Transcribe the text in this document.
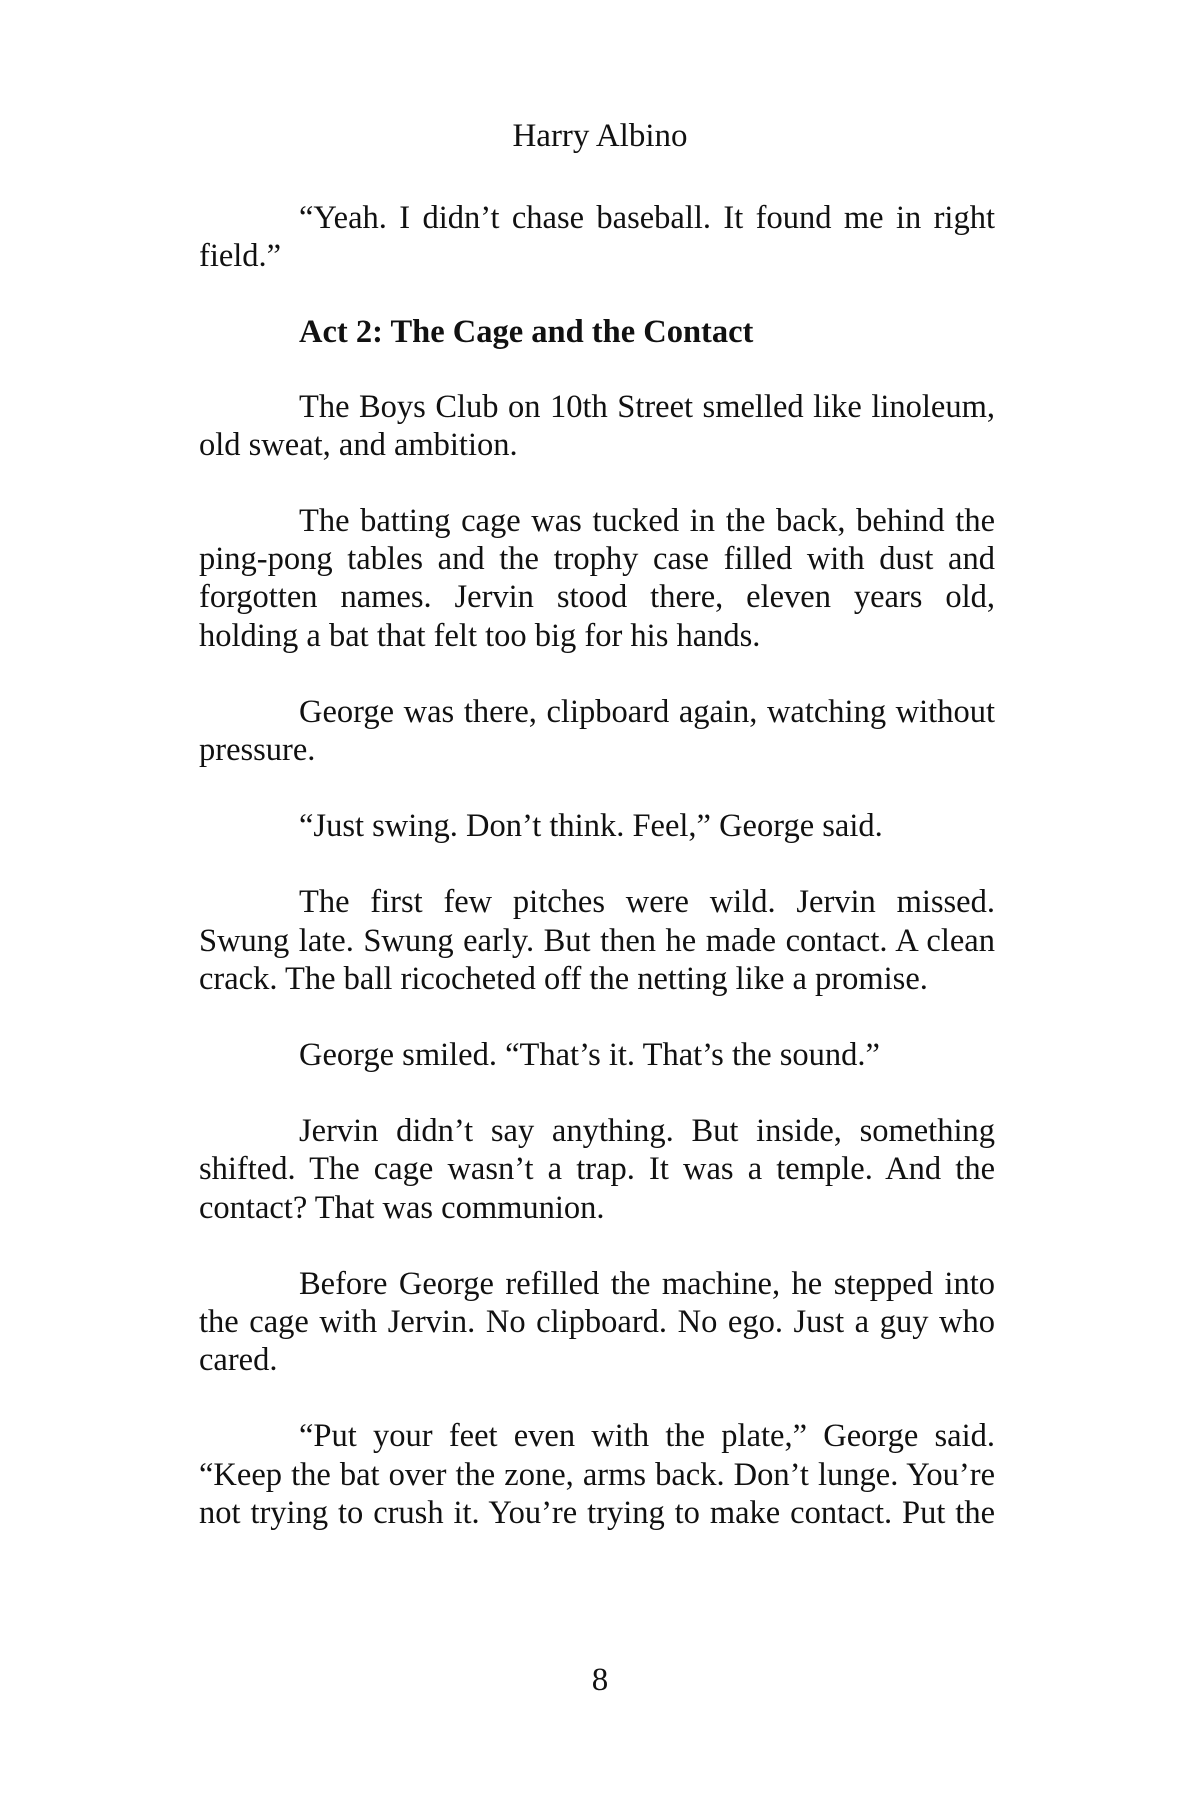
Harry Albino

“Yeah. I didn’t chase baseball. It found me in right field.”

Act 2: The Cage and the Contact

The Boys Club on 10th Street smelled like linoleum, old sweat, and ambition.

The batting cage was tucked in the back, behind the ping-pong tables and the trophy case filled with dust and forgotten names. Jervin stood there, eleven years old, holding a bat that felt too big for his hands.

George was there, clipboard again, watching without pressure.

“Just swing. Don’t think. Feel,” George said.

The first few pitches were wild. Jervin missed. Swung late. Swung early. But then he made contact. A clean crack. The ball ricocheted off the netting like a promise.

George smiled. “That’s it. That’s the sound.”

Jervin didn’t say anything. But inside, something shifted. The cage wasn’t a trap. It was a temple. And the contact? That was communion.

Before George refilled the machine, he stepped into the cage with Jervin. No clipboard. No ego. Just a guy who cared.

“Put your feet even with the plate,” George said. “Keep the bat over the zone, arms back. Don’t lunge. You’re not trying to crush it. You’re trying to make contact. Put the

8
